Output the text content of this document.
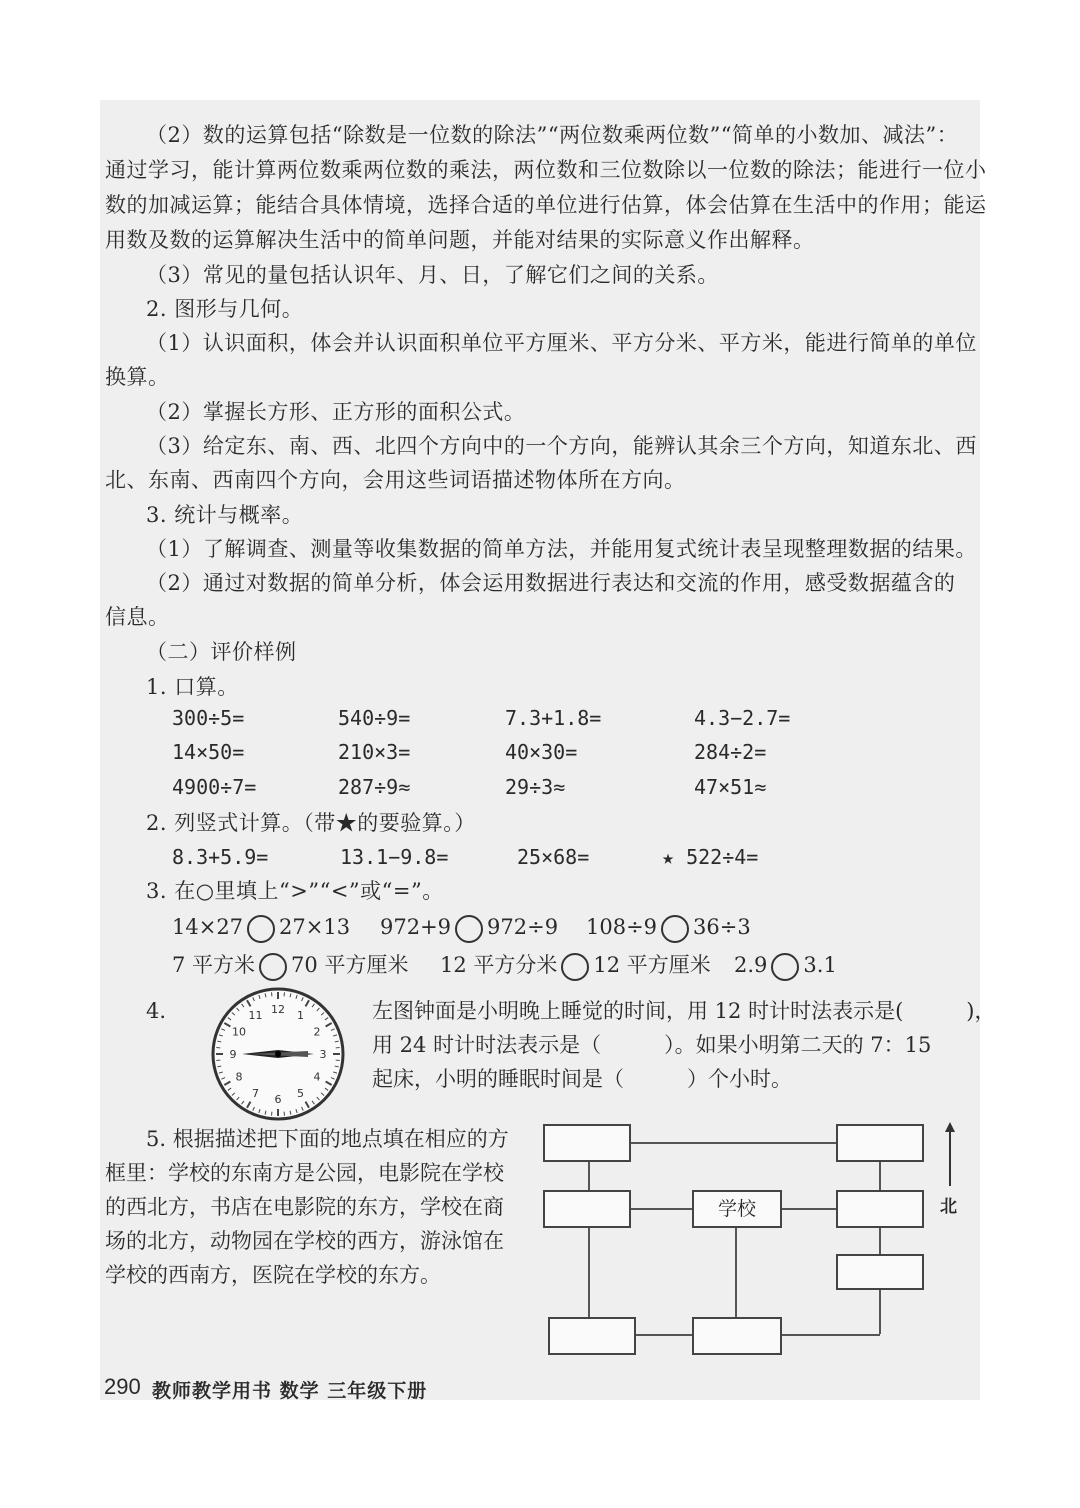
（2）数的运算包括“除数是一位数的除法”“两位数乘两位数”“简单的小数加、减法”：
通过学习，能计算两位数乘两位数的乘法，两位数和三位数除以一位数的除法；能进行一位小
数的加减运算；能结合具体情境，选择合适的单位进行估算，体会估算在生活中的作用；能运
用数及数的运算解决生活中的简单问题，并能对结果的实际意义作出解释。
（3）常见的量包括认识年、月、日，了解它们之间的关系。
2. 图形与几何。
（1）认识面积，体会并认识面积单位平方厘米、平方分米、平方米，能进行简单的单位
换算。
（2）掌握长方形、正方形的面积公式。
（3）给定东、南、西、北四个方向中的一个方向，能辨认其余三个方向，知道东北、西
北、东南、西南四个方向，会用这些词语描述物体所在方向。
3. 统计与概率。
（1）了解调查、测量等收集数据的简单方法，并能用复式统计表呈现整理数据的结果。
（2）通过对数据的简单分析，体会运用数据进行表达和交流的作用，感受数据蕴含的
信息。
（二）评价样例
1. 口算。
300÷5=	540÷9=	7.3+1.8=	4.3−2.7=
14×50=	210×3=	40×30=	284÷2=
4900÷7=	287÷9≈	29÷3≈	47×51≈
2. 列竖式计算。（带★的要验算。）
8.3+5.9=	13.1−9.8=	25×68=	★ 522÷4=
3. 在○里填上“>”“<”或“=”。
14×27 27×13 972+9 972÷9 108÷9 36÷3
7 平方米 70 平方厘米 12 平方分米 12 平方厘米 2.9 3.1
4.	12 1
2
3
4
5
6
7
8
9
10
11	左图钟面是小明晚上睡觉的时间，用 12 时计时法表示是(　　　)，
用 24 时计时法表示是（　　　）。如果小明第二天的 7：15
起床，小明的睡眠时间是（　　　）个小时。
5. 根据描述把下面的地点填在相应的方
框里：学校的东南方是公园，电影院在学校
的西北方，书店在电影院的东方，学校在商
场的北方，动物园在学校的西方，游泳馆在
学校的西南方，医院在学校的东方。
学校	北
290 教师教学用书 数学 三年级下册
